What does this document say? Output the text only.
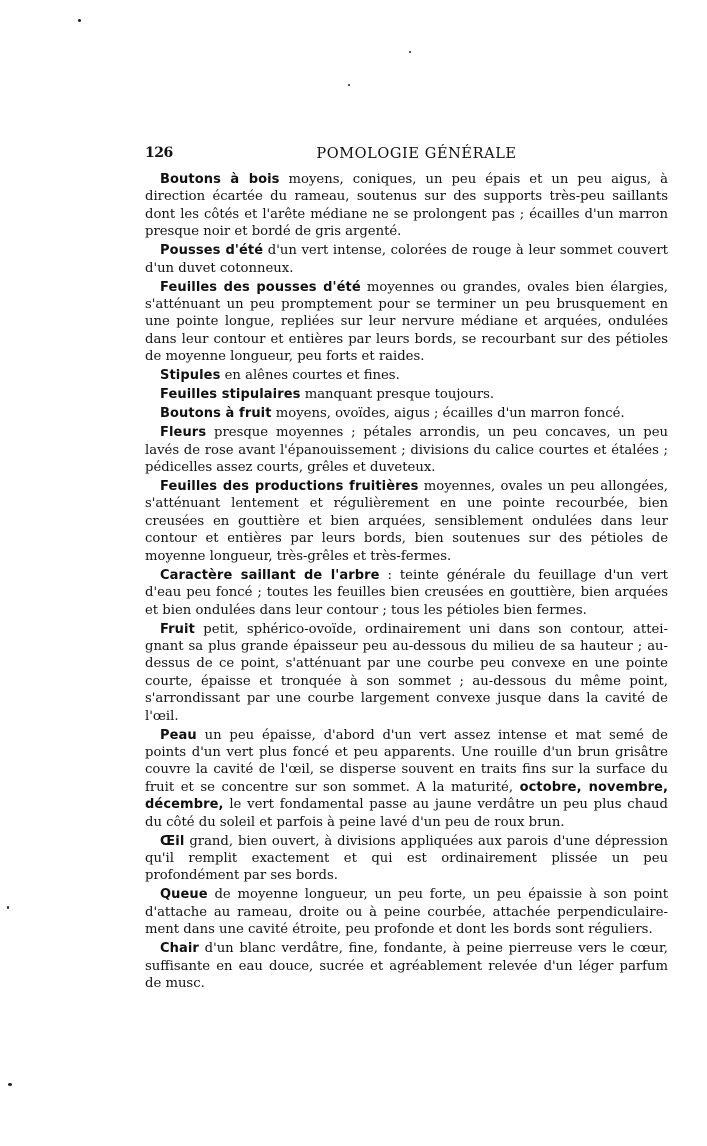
126	POMOLOGIE GÉNÉRALE

Boutons à bois moyens, coniques, un peu épais et un peu aigus, à direction écartée du rameau, soutenus sur des supports très-peu saillants dont les côtés et l'arête médiane ne se prolongent pas ; écailles d'un marron presque noir et bordé de gris argenté.

Pousses d'été d'un vert intense, colorées de rouge à leur sommet couvert d'un duvet cotonneux.

Feuilles des pousses d'été moyennes ou grandes, ovales bien élargies, s'atténuant un peu promptement pour se terminer un peu brusquement en une pointe longue, repliées sur leur nervure médiane et arquées, ondulées dans leur contour et entières par leurs bords, se recourbant sur des pétioles de moyenne longueur, peu forts et raides.

Stipules en alênes courtes et fines.

Feuilles stipulaires manquant presque toujours.

Boutons à fruit moyens, ovoïdes, aigus ; écailles d'un marron foncé.

Fleurs presque moyennes ; pétales arrondis, un peu concaves, un peu lavés de rose avant l'épanouissement ; divisions du calice courtes et étalées ; pédicelles assez courts, grêles et duveteux.

Feuilles des productions fruitières moyennes, ovales un peu allongées, s'atténuant lentement et régulièrement en une pointe recourbée, bien creusées en gouttière et bien arquées, sensiblement ondulées dans leur contour et entières par leurs bords, bien soutenues sur des pétioles de moyenne longueur, très-grêles et très-fermes.

Caractère saillant de l'arbre : teinte générale du feuillage d'un vert d'eau peu foncé ; toutes les feuilles bien creusées en gouttière, bien arquées et bien ondulées dans leur contour ; tous les pétioles bien fermes.

Fruit petit, sphérico-ovoïde, ordinairement uni dans son contour, atteignant sa plus grande épaisseur peu au-dessous du milieu de sa hauteur ; au-dessus de ce point, s'atténuant par une courbe peu convexe en une pointe courte, épaisse et tronquée à son sommet ; au-dessous du même point, s'arrondissant par une courbe largement convexe jusque dans la cavité de l'œil.

Peau un peu épaisse, d'abord d'un vert assez intense et mat semé de points d'un vert plus foncé et peu apparents. Une rouille d'un brun grisâtre couvre la cavité de l'œil, se disperse souvent en traits fins sur la surface du fruit et se concentre sur son sommet. A la maturité, octobre, novembre, décembre, le vert fondamental passe au jaune verdâtre un peu plus chaud du côté du soleil et parfois à peine lavé d'un peu de roux brun.

Œil grand, bien ouvert, à divisions appliquées aux parois d'une dépression qu'il remplit exactement et qui est ordinairement plissée un peu profondément par ses bords.

Queue de moyenne longueur, un peu forte, un peu épaissie à son point d'attache au rameau, droite ou à peine courbée, attachée perpendiculairement dans une cavité étroite, peu profonde et dont les bords sont réguliers.

Chair d'un blanc verdâtre, fine, fondante, à peine pierreuse vers le cœur, suffisante en eau douce, sucrée et agréablement relevée d'un léger parfum de musc.
